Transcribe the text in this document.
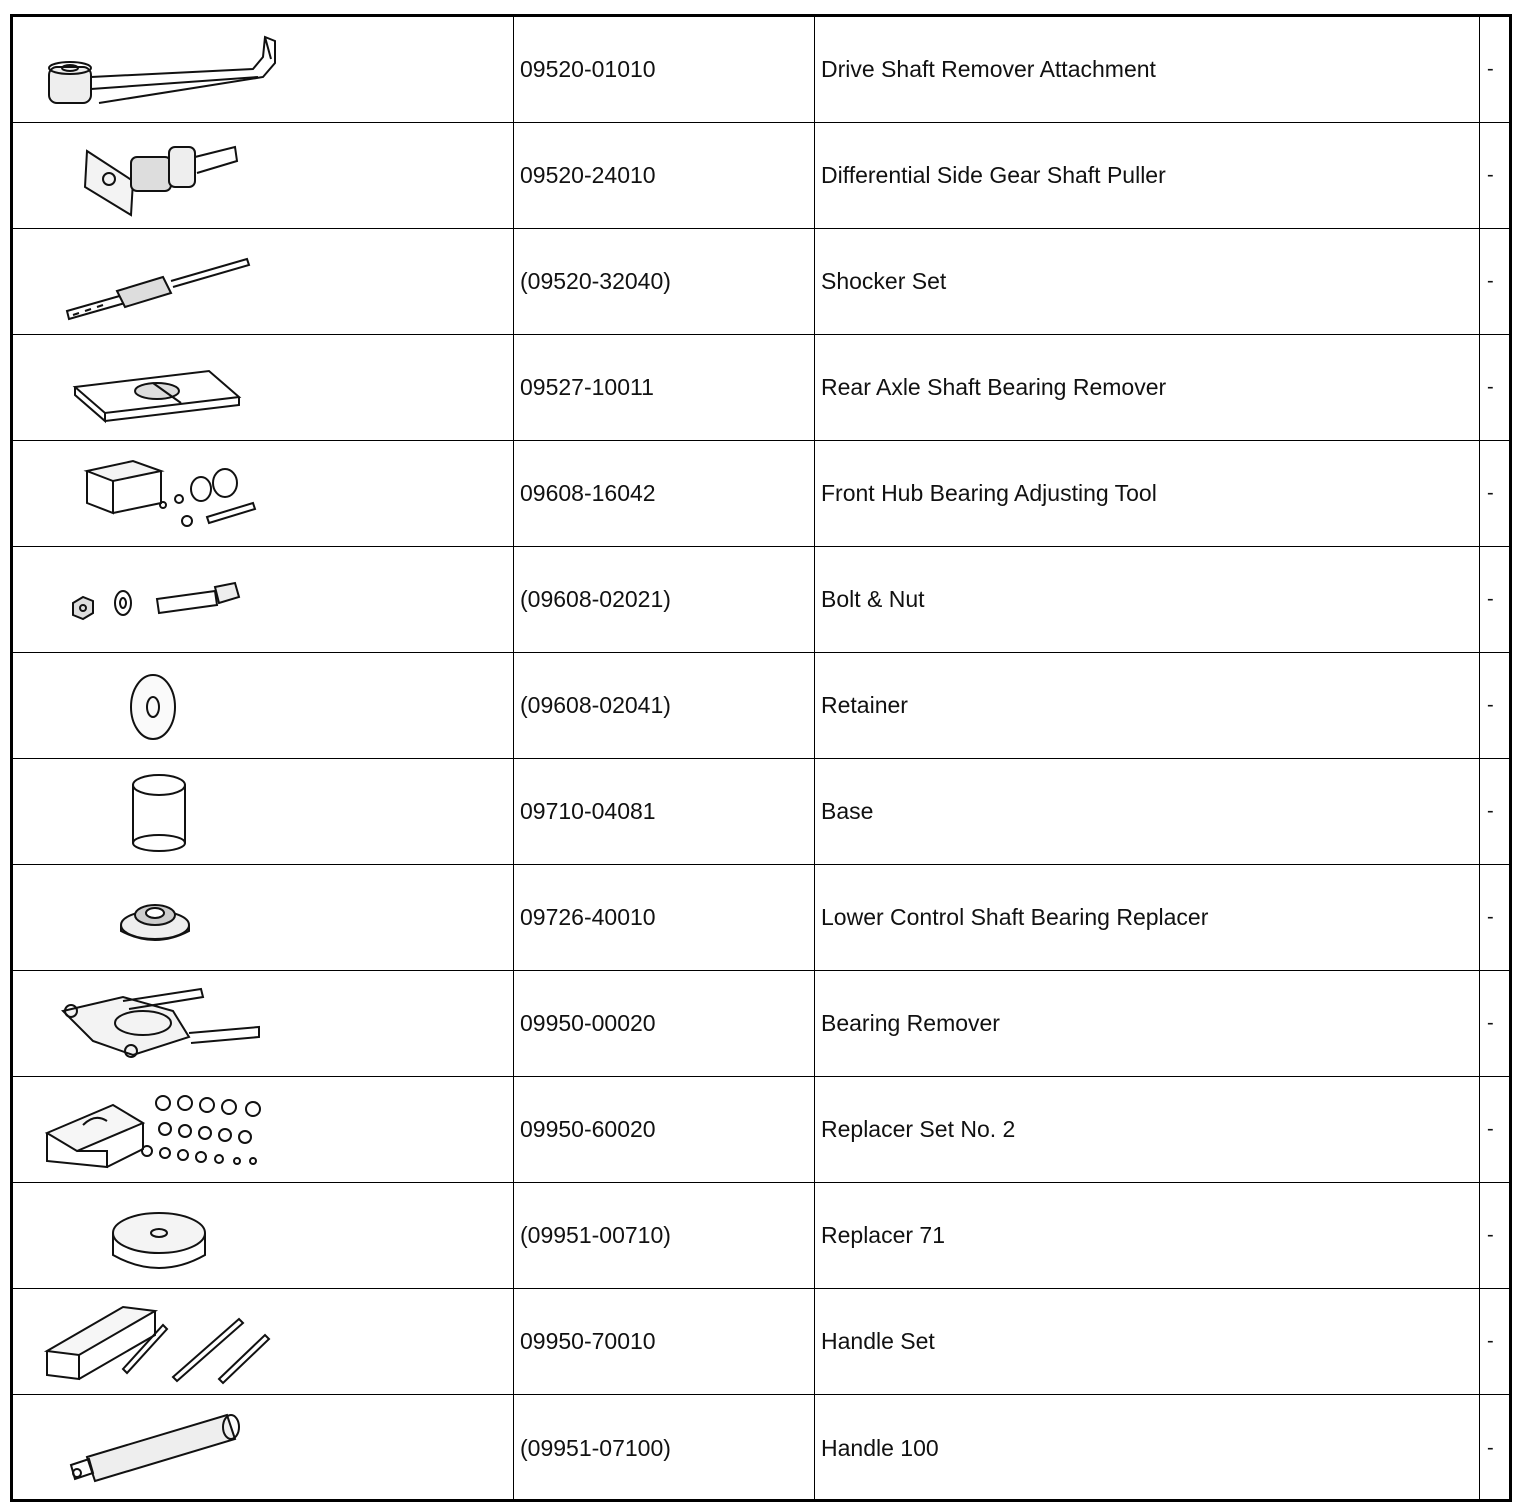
09520-01010	Drive Shaft Remover Attachment	-
09520-24010	Differential Side Gear Shaft Puller	-
(09520-32040)	Shocker Set	-
09527-10011	Rear Axle Shaft Bearing Remover	-
09608-16042	Front Hub Bearing Adjusting Tool	-
(09608-02021)	Bolt & Nut	-
(09608-02041)	Retainer	-
09710-04081	Base	-
09726-40010	Lower Control Shaft Bearing Replacer	-
09950-00020	Bearing Remover	-
09950-60020	Replacer Set No. 2	-
(09951-00710)	Replacer 71	-
09950-70010	Handle Set	-
(09951-07100)	Handle 100	-
